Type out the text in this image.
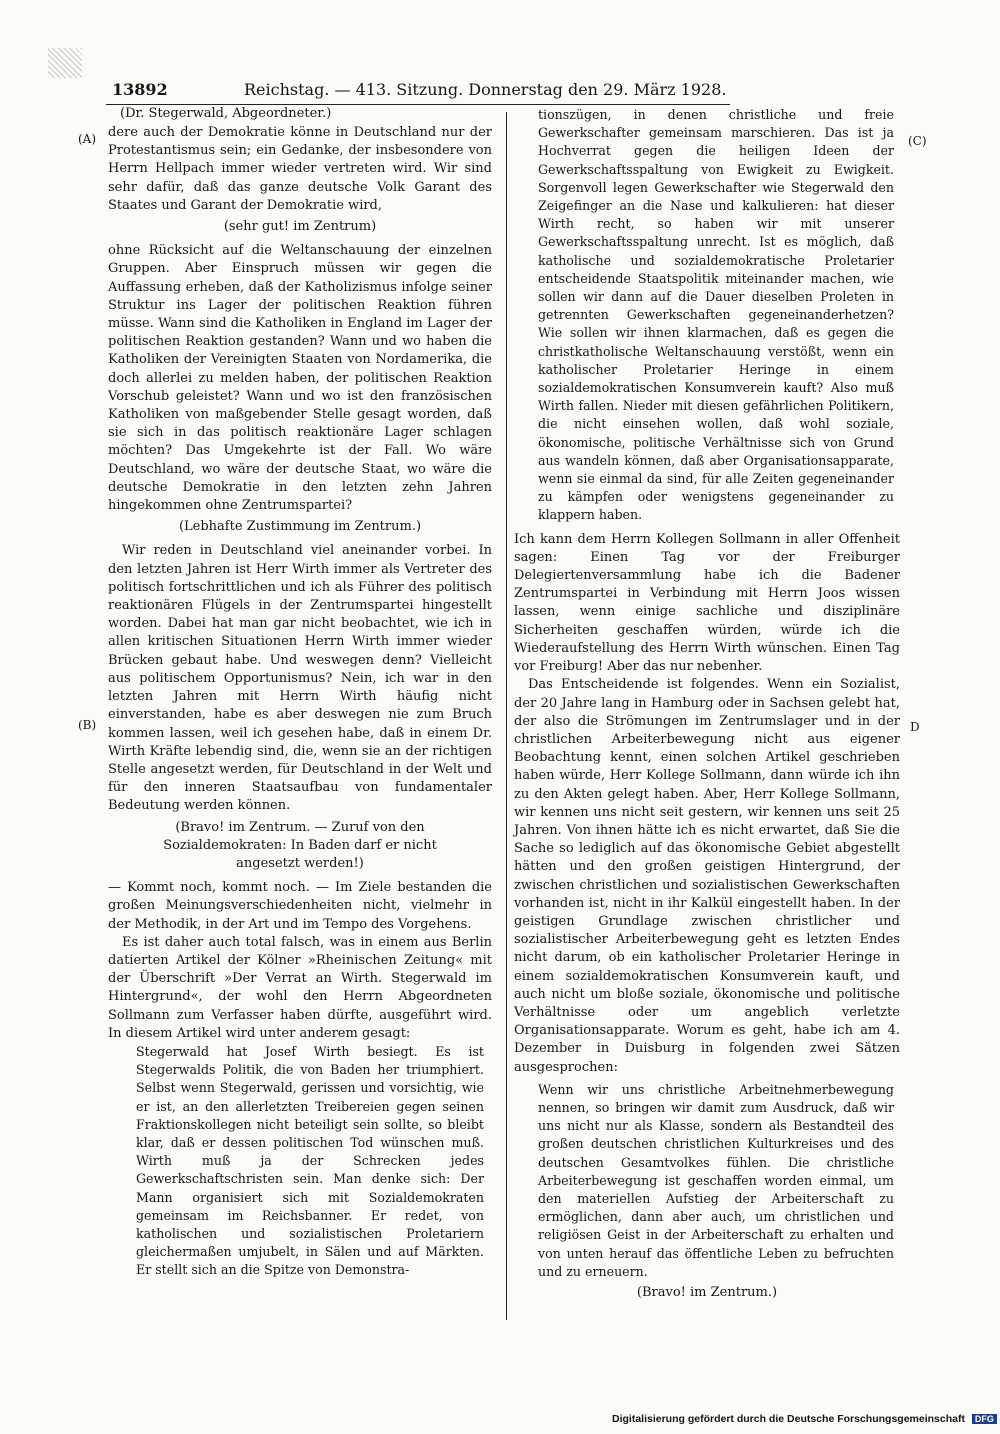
13892	Reichstag. — 413. Sitzung. Donnerstag den 29. März 1928.
(Dr. Stegerwald, Abgeordneter.)
(A)
(B)
(C)
D

dere auch der Demokratie könne in Deutschland nur der Protestantismus sein; ein Gedanke, der insbesondere von Herrn Hellpach immer wieder vertreten wird. Wir sind sehr dafür, daß das ganze deutsche Volk Garant des Staates und Garant der Demokratie wird,

(sehr gut! im Zentrum)

ohne Rücksicht auf die Weltanschauung der einzelnen Gruppen. Aber Einspruch müssen wir gegen die Auffassung erheben, daß der Katholizismus infolge seiner Struktur ins Lager der politischen Reaktion führen müsse. Wann sind die Katholiken in England im Lager der politischen Reaktion gestanden? Wann und wo haben die Katholiken der Vereinigten Staaten von Nordamerika, die doch allerlei zu melden haben, der politischen Reaktion Vorschub geleistet? Wann und wo ist den französischen Katholiken von maßgebender Stelle gesagt worden, daß sie sich in das politisch reaktionäre Lager schlagen möchten? Das Umgekehrte ist der Fall. Wo wäre Deutschland, wo wäre der deutsche Staat, wo wäre die deutsche Demokratie in den letzten zehn Jahren hingekommen ohne Zentrumspartei?

(Lebhafte Zustimmung im Zentrum.)

Wir reden in Deutschland viel aneinander vorbei. In den letzten Jahren ist Herr Wirth immer als Vertreter des politisch fortschrittlichen und ich als Führer des politisch reaktionären Flügels in der Zentrumspartei hingestellt worden. Dabei hat man gar nicht beobachtet, wie ich in allen kritischen Situationen Herrn Wirth immer wieder Brücken gebaut habe. Und weswegen denn? Vielleicht aus politischem Opportunismus? Nein, ich war in den letzten Jahren mit Herrn Wirth häufig nicht einverstanden, habe es aber deswegen nie zum Bruch kommen lassen, weil ich gesehen habe, daß in einem Dr. Wirth Kräfte lebendig sind, die, wenn sie an der richtigen Stelle angesetzt werden, für Deutschland in der Welt und für den inneren Staatsaufbau von fundamentaler Bedeutung werden können.

(Bravo! im Zentrum. — Zuruf von den Sozialdemokraten: In Baden darf er nicht angesetzt werden!)

— Kommt noch, kommt noch. — Im Ziele bestanden die großen Meinungsverschiedenheiten nicht, vielmehr in der Methodik, in der Art und im Tempo des Vorgehens.

Es ist daher auch total falsch, was in einem aus Berlin datierten Artikel der Kölner »Rheinischen Zeitung« mit der Überschrift »Der Verrat an Wirth. Stegerwald im Hintergrund«, der wohl den Herrn Abgeordneten Sollmann zum Verfasser haben dürfte, ausgeführt wird. In diesem Artikel wird unter anderem gesagt:

Stegerwald hat Josef Wirth besiegt. Es ist Stegerwalds Politik, die von Baden her triumphiert. Selbst wenn Stegerwald, gerissen und vorsichtig, wie er ist, an den allerletzten Treibereien gegen seinen Fraktionskollegen nicht beteiligt sein sollte, so bleibt klar, daß er dessen politischen Tod wünschen muß. Wirth muß ja der Schrecken jedes Gewerkschaftschristen sein. Man denke sich: Der Mann organisiert sich mit Sozialdemokraten gemeinsam im Reichsbanner. Er redet, von katholischen und sozialistischen Proletariern gleichermaßen umjubelt, in Sälen und auf Märkten. Er stellt sich an die Spitze von Demonstra-

tionszügen, in denen christliche und freie Gewerkschafter gemeinsam marschieren. Das ist ja Hochverrat gegen die heiligen Ideen der Gewerkschaftsspaltung von Ewigkeit zu Ewigkeit. Sorgenvoll legen Gewerkschafter wie Stegerwald den Zeigefinger an die Nase und kalkulieren: hat dieser Wirth recht, so haben wir mit unserer Gewerkschaftsspaltung unrecht. Ist es möglich, daß katholische und sozialdemokratische Proletarier entscheidende Staatspolitik miteinander machen, wie sollen wir dann auf die Dauer dieselben Proleten in getrennten Gewerkschaften gegeneinanderhetzen? Wie sollen wir ihnen klarmachen, daß es gegen die christkatholische Weltanschauung verstößt, wenn ein katholischer Proletarier Heringe in einem sozialdemokratischen Konsumverein kauft? Also muß Wirth fallen. Nieder mit diesen gefährlichen Politikern, die nicht einsehen wollen, daß wohl soziale, ökonomische, politische Verhältnisse sich von Grund aus wandeln können, daß aber Organisationsapparate, wenn sie einmal da sind, für alle Zeiten gegeneinander zu kämpfen oder wenigstens gegeneinander zu klappern haben.

Ich kann dem Herrn Kollegen Sollmann in aller Offenheit sagen: Einen Tag vor der Freiburger Delegiertenversammlung habe ich die Badener Zentrumspartei in Verbindung mit Herrn Joos wissen lassen, wenn einige sachliche und disziplinäre Sicherheiten geschaffen würden, würde ich die Wiederaufstellung des Herrn Wirth wünschen. Einen Tag vor Freiburg! Aber das nur nebenher.

Das Entscheidende ist folgendes. Wenn ein Sozialist, der 20 Jahre lang in Hamburg oder in Sachsen gelebt hat, der also die Strömungen im Zentrumslager und in der christlichen Arbeiterbewegung nicht aus eigener Beobachtung kennt, einen solchen Artikel geschrieben haben würde, Herr Kollege Sollmann, dann würde ich ihn zu den Akten gelegt haben. Aber, Herr Kollege Sollmann, wir kennen uns nicht seit gestern, wir kennen uns seit 25 Jahren. Von ihnen hätte ich es nicht erwartet, daß Sie die Sache so lediglich auf das ökonomische Gebiet abgestellt hätten und den großen geistigen Hintergrund, der zwischen christlichen und sozialistischen Gewerkschaften vorhanden ist, nicht in ihr Kalkül eingestellt haben. In der geistigen Grundlage zwischen christlicher und sozialistischer Arbeiterbewegung geht es letzten Endes nicht darum, ob ein katholischer Proletarier Heringe in einem sozialdemokratischen Konsumverein kauft, und auch nicht um bloße soziale, ökonomische und politische Verhältnisse oder um angeblich verletzte Organisationsapparate. Worum es geht, habe ich am 4. Dezember in Duisburg in folgenden zwei Sätzen ausgesprochen:

Wenn wir uns christliche Arbeitnehmerbewegung nennen, so bringen wir damit zum Ausdruck, daß wir uns nicht nur als Klasse, sondern als Bestandteil des großen deutschen christlichen Kulturkreises und des deutschen Gesamtvolkes fühlen. Die christliche Arbeiterbewegung ist geschaffen worden einmal, um den materiellen Aufstieg der Arbeiterschaft zu ermöglichen, dann aber auch, um christlichen und religiösen Geist in der Arbeiterschaft zu erhalten und von unten herauf das öffentliche Leben zu befruchten und zu erneuern.

(Bravo! im Zentrum.)

Digitalisierung gefördert durch die Deutsche Forschungsgemeinschaft DFG
